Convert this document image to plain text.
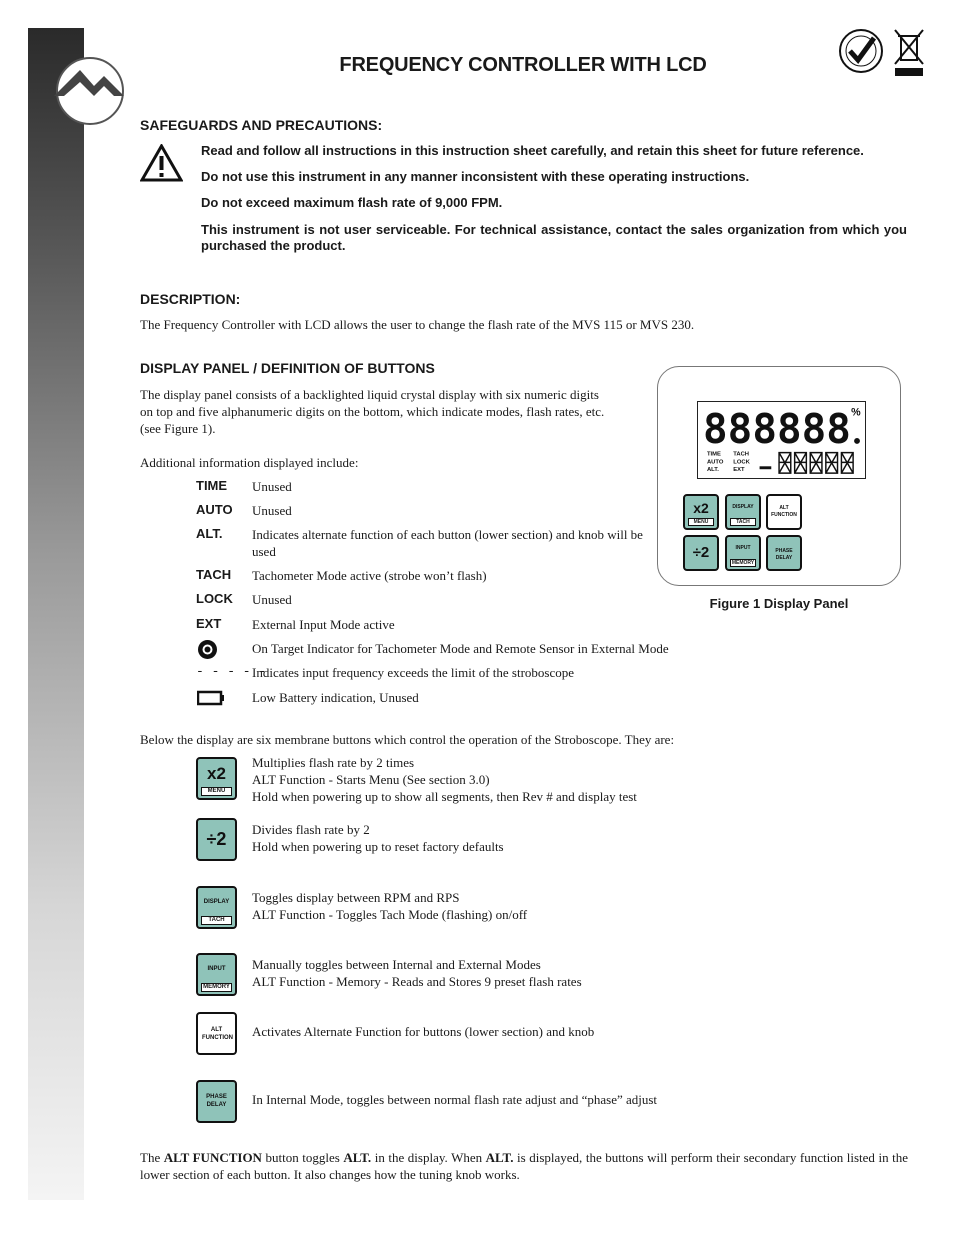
FREQUENCY CONTROLLER WITH LCD
SAFEGUARDS AND PRECAUTIONS:
Read and follow all instructions in this instruction sheet carefully, and retain this sheet for future reference.
Do not use this instrument in any manner inconsistent with these operating instructions.
Do not exceed maximum flash rate of 9,000 FPM.
This instrument is not user serviceable. For technical assistance, contact the sales organization from which you purchased the product.
DESCRIPTION:
The Frequency Controller with LCD allows the user to change the flash rate of the MVS 115 or MVS 230.
DISPLAY PANEL / DEFINITION OF BUTTONS
The display panel consists of a backlighted liquid crystal display with six numeric digits
on top and five alphanumeric digits on the bottom, which indicate modes, flash rates, etc.
(see Figure 1).
Additional information displayed include:
TIME Unused
AUTO Unused
ALT. Indicates alternate function of each button (lower section) and knob will be used
TACH Tachometer Mode active (strobe won’t flash)
LOCK Unused
EXT External Input Mode active
On Target Indicator for Tachometer Mode and Remote Sensor in External Mode
- - - - -
Indicates input frequency exceeds the limit of the stroboscope
Low Battery indication, Unused
888888 %
TIME
AUTO
ALT.
TACH
LOCK
EXT
x2
MENU
DISPLAY
TACH
ALT
FUNCTION
÷2	INPUT
MEMORY
PHASE
DELAY
Figure 1 Display Panel
Below the display are six membrane buttons which control the operation of the Stroboscope. They are:
x2
MENU
Multiplies flash rate by 2 times
ALT Function - Starts Menu (See section 3.0)
Hold when powering up to show all segments, then Rev # and display test
÷2	Divides flash rate by 2
Hold when powering up to reset factory defaults
DISPLAY
TACH
Toggles display between RPM and RPS
ALT Function - Toggles Tach Mode (flashing) on/off
INPUT
MEMORY
Manually toggles between Internal and External Modes
ALT Function - Memory - Reads and Stores 9 preset flash rates
ALT FUNCTION Activates Alternate Function for buttons (lower section) and knob
PHASE DELAY	In Internal Mode, toggles between normal flash rate adjust and “phase” adjust
The ALT FUNCTION button toggles ALT. in the display. When ALT. is displayed, the buttons will perform their secondary function listed in the lower section of each button. It also changes how the tuning knob works.
